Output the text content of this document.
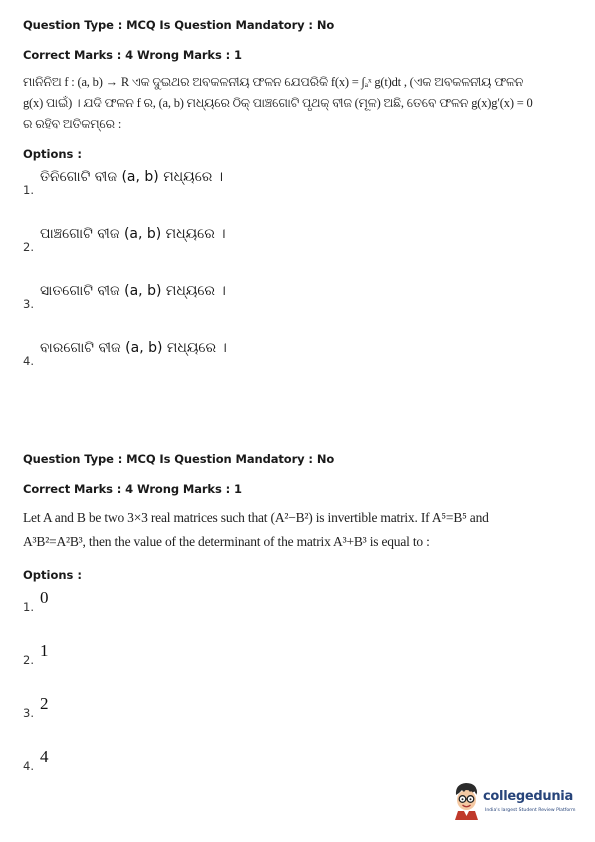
Question Type : MCQ Is Question Mandatory : No
Correct Marks : 4 Wrong Marks : 1
ମାନିନିଅ f : (a, b) → R ଏକ ଦୁଇଥର ଅବକଳନୀୟ ଫଳନ ଯେପରିକି f(x) = ∫ₐˣ g(t)dt , (ଏକ ଅବକଳନୀୟ ଫଳନ
g(x) ପାଇଁ) । ଯଦି ଫଳନ f ର, (a, b) ମଧ୍ୟରେ ଠିକ୍ ପାଞ୍ଚଗୋଟି ପୃଥକ୍ ବୀଜ (ମୂଳ) ଅଛି, ତେବେ ଫଳନ g(x)g′(x) = 0
ର ରହିବ ଅତିକମ୍‌ରେ :
Options :
1.
ତିନିଗୋଟି ବୀଜ (a, b) ମଧ୍ୟରେ ।
2.
ପାଞ୍ଚଗୋଟି ବୀଜ (a, b) ମଧ୍ୟରେ ।
3.
ସାତଗୋଟି ବୀଜ (a, b) ମଧ୍ୟରେ ।
4.
ବାରଗୋଟି ବୀଜ (a, b) ମଧ୍ୟରେ ।
Question Type : MCQ Is Question Mandatory : No
Correct Marks : 4 Wrong Marks : 1
Let A and B be two 3×3 real matrices such that (A²−B²) is invertible matrix. If A⁵=B⁵ and
A³B²=A²B³, then the value of the determinant of the matrix A³+B³ is equal to :
Options :
1. 0
2. 1
3. 2
4. 4
collegedunia
India's largest Student Review Platform
